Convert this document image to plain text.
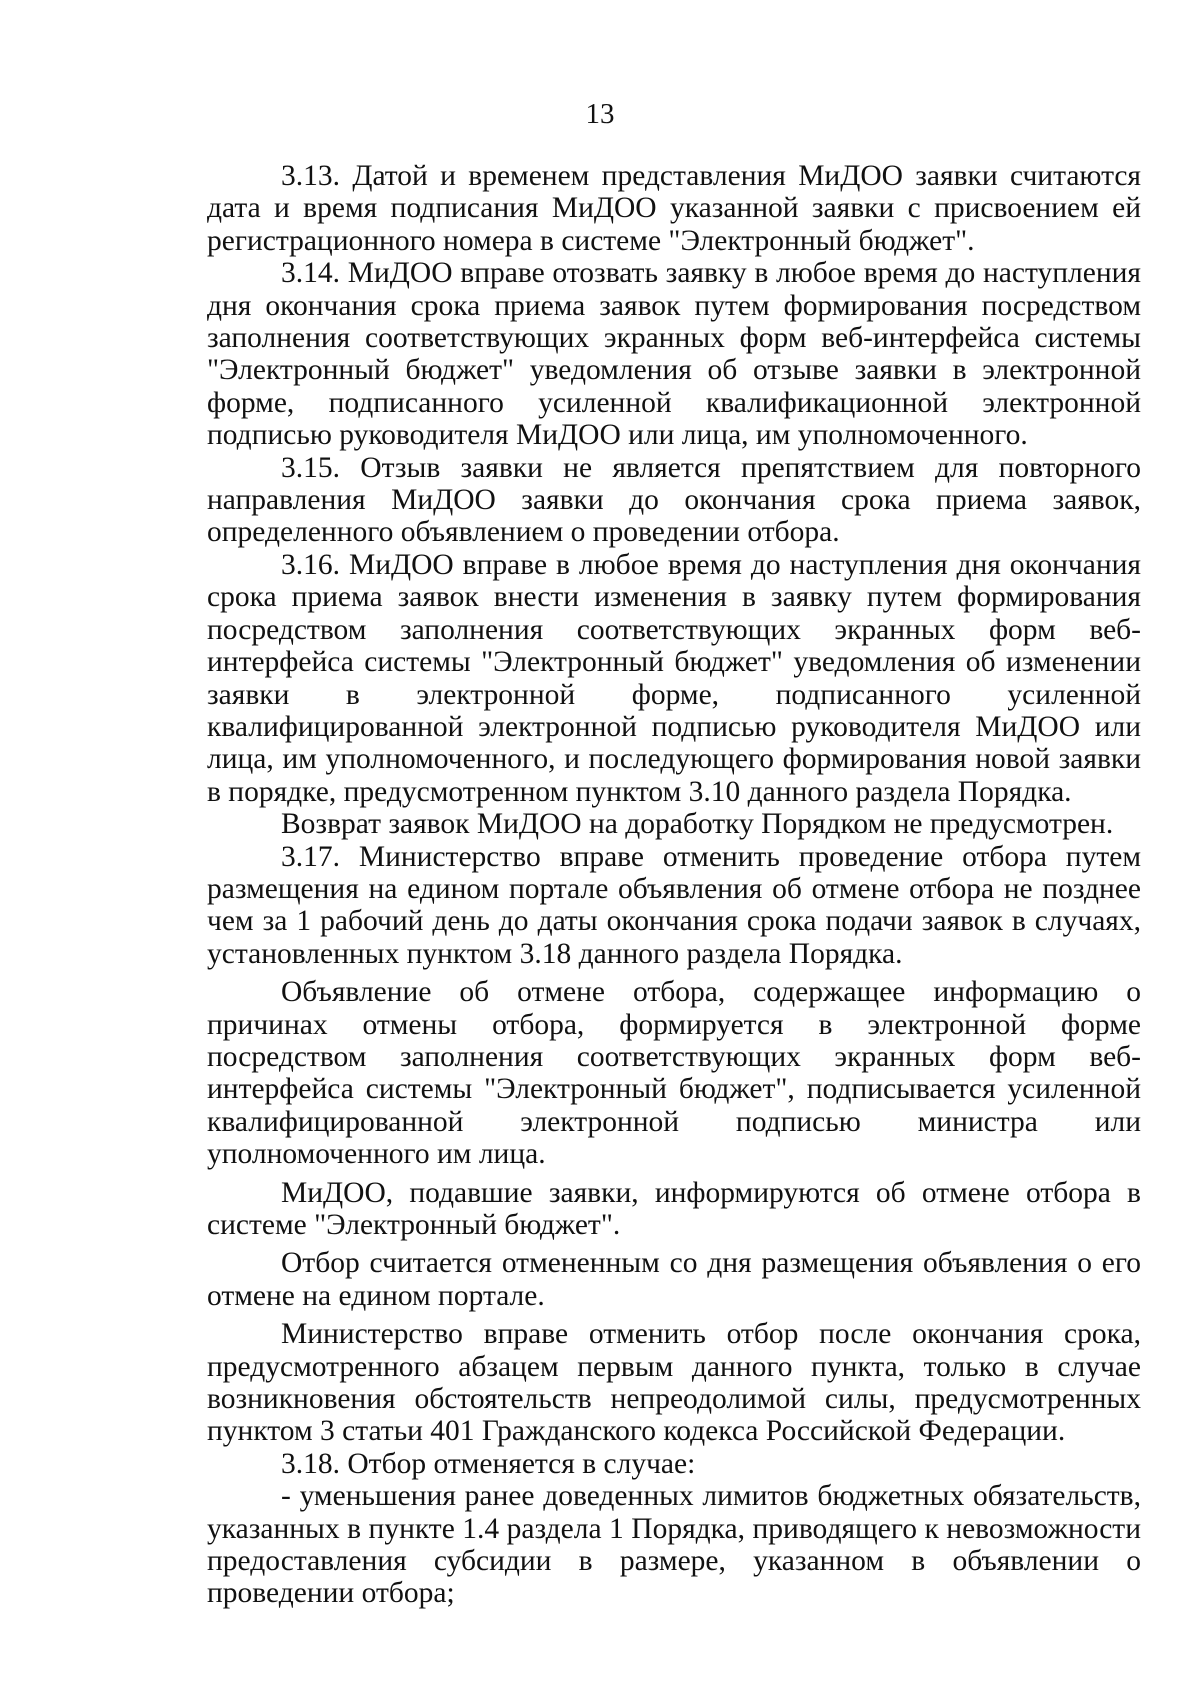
13

3.13. Датой и временем представления МиДОО заявки считаются дата и время подписания МиДОО указанной заявки с присвоением ей регистрационного номера в системе "Электронный бюджет".

3.14. МиДОО вправе отозвать заявку в любое время до наступления дня окончания срока приема заявок путем формирования посредством заполнения соответствующих экранных форм веб-интерфейса системы "Электронный бюджет" уведомления об отзыве заявки в электронной форме, подписанного усиленной квалификационной электронной подписью руководителя МиДОО или лица, им уполномоченного.

3.15. Отзыв заявки не является препятствием для повторного направления МиДОО заявки до окончания срока приема заявок, определенного объявлением о проведении отбора.

3.16. МиДОО вправе в любое время до наступления дня окончания срока приема заявок внести изменения в заявку путем формирования посредством заполнения соответствующих экранных форм веб-интерфейса системы "Электронный бюджет" уведомления об изменении заявки в электронной форме, подписанного усиленной квалифицированной электронной подписью руководителя МиДОО или лица, им уполномоченного, и последующего формирования новой заявки в порядке, предусмотренном пунктом 3.10 данного раздела Порядка.

Возврат заявок МиДОО на доработку Порядком не предусмотрен.

3.17. Министерство вправе отменить проведение отбора путем размещения на едином портале объявления об отмене отбора не позднее чем за 1 рабочий день до даты окончания срока подачи заявок в случаях, установленных пунктом 3.18 данного раздела Порядка.

Объявление об отмене отбора, содержащее информацию о причинах отмены отбора, формируется в электронной форме посредством заполнения соответствующих экранных форм веб-интерфейса системы "Электронный бюджет", подписывается усиленной квалифицированной электронной подписью министра или уполномоченного им лица.

МиДОО, подавшие заявки, информируются об отмене отбора в системе "Электронный бюджет".

Отбор считается отмененным со дня размещения объявления о его отмене на едином портале.

Министерство вправе отменить отбор после окончания срока, предусмотренного абзацем первым данного пункта, только в случае возникновения обстоятельств непреодолимой силы, предусмотренных пунктом 3 статьи 401 Гражданского кодекса Российской Федерации.

3.18. Отбор отменяется в случае:

- уменьшения ранее доведенных лимитов бюджетных обязательств, указанных в пункте 1.4 раздела 1 Порядка, приводящего к невозможности предоставления субсидии в размере, указанном в объявлении о проведении отбора;
